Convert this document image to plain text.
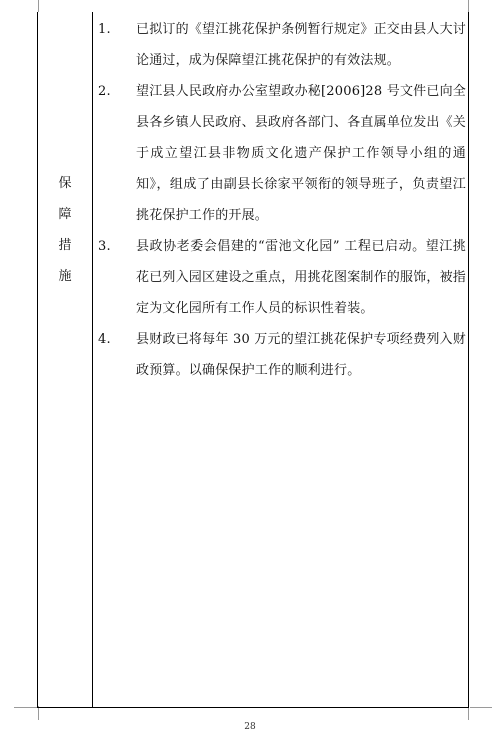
保
障
措
施
1.	已拟订的《望江挑花保护条例暂行规定》正交由县人大讨论通过，成为保障望江挑花保护的有效法规。
2.	望江县人民政府办公室望政办秘[2006]28 号文件已向全县各乡镇人民政府、县政府各部门、各直属单位发出《关于成立望江县非物质文化遗产保护工作领导小组的通知》，组成了由副县长徐家平领衔的领导班子，负责望江挑花保护工作的开展。
3.	县政协老委会倡建的“雷池文化园” 工程已启动。望江挑花已列入园区建设之重点，用挑花图案制作的服饰，被指定为文化园所有工作人员的标识性着装。
4.	县财政已将每年 30 万元的望江挑花保护专项经费列入财政预算。以确保保护工作的顺利进行。
28
